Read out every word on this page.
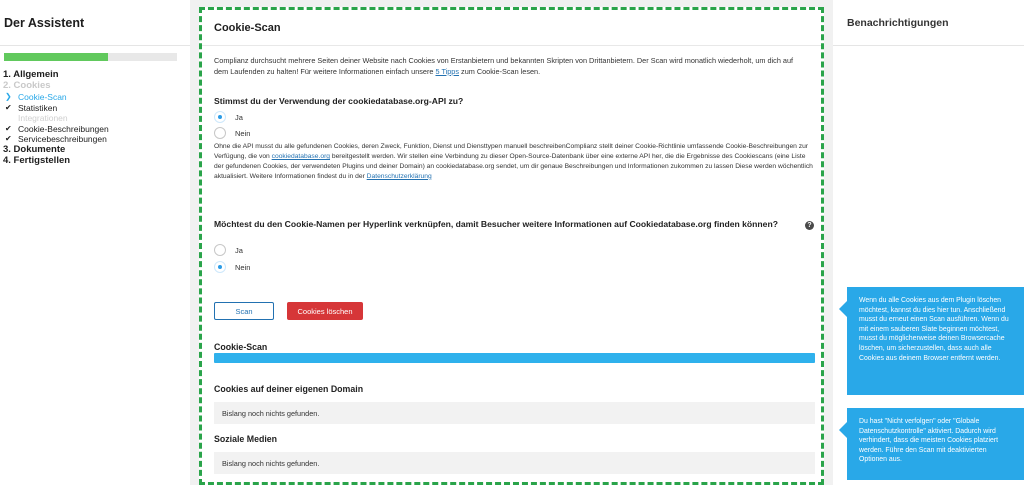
Der Assistent
1. Allgemein
2. Cookies
❯ Cookie-Scan
✔ Statistiken
Integrationen
✔ Cookie-Beschreibungen
✔ Servicebeschreibungen
3. Dokumente
4. Fertigstellen
Cookie-Scan
Complianz durchsucht mehrere Seiten deiner Website nach Cookies von Erstanbietern und bekannten Skripten von Drittanbietern. Der Scan wird monatlich wiederholt, um dich auf dem Laufenden zu halten! Für weitere Informationen einfach unsere 5 Tipps zum Cookie-Scan lesen.
Stimmst du der Verwendung der cookiedatabase.org-API zu?
Ja
Nein
Ohne die API musst du alle gefundenen Cookies, deren Zweck, Funktion, Dienst und Diensttypen manuell beschreibenComplianz stellt deiner Cookie-Richtlinie umfassende Cookie-Beschreibungen zur Verfügung, die von cookiedatabase.org bereitgestellt werden. Wir stellen eine Verbindung zu dieser Open-Source-Datenbank über eine externe API her, die die Ergebnisse des Cookiescans (eine Liste der gefundenen Cookies, der verwendeten Plugins und deiner Domain) an cookiedatabase.org sendet, um dir genaue Beschreibungen und Informationen zukommen zu lassen Diese werden wöchentlich aktualisiert. Weitere Informationen findest du in der Datenschutzerklärung
Möchtest du den Cookie-Namen per Hyperlink verknüpfen, damit Besucher weitere Informationen auf Cookiedatabase.org finden können?	?
Ja
Nein
Scan	Cookies löschen
Cookie-Scan
Cookies auf deiner eigenen Domain
Bislang noch nichts gefunden.
Soziale Medien
Bislang noch nichts gefunden.
Benachrichtigungen
Wenn du alle Cookies aus dem Plugin löschen möchtest, kannst du dies hier tun. Anschließend musst du erneut einen Scan ausführen. Wenn du mit einem sauberen Slate beginnen möchtest, musst du möglicherweise deinen Browsercache löschen, um sicherzustellen, dass auch alle Cookies aus deinem Browser entfernt werden.
Du hast "Nicht verfolgen" oder "Globale Datenschutzkontrolle" aktiviert. Dadurch wird verhindert, dass die meisten Cookies platziert werden. Führe den Scan mit deaktivierten Optionen aus.
